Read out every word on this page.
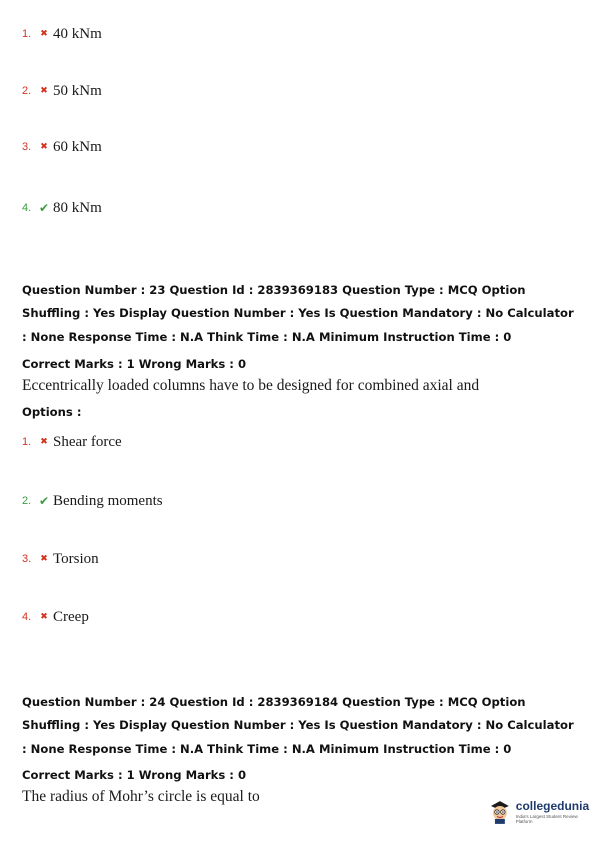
1.	✖ 40 kNm
2.	✖ 50 kNm
3.	✖ 60 kNm
4. ✔ 80 kNm
Question Number : 23 Question Id : 2839369183 Question Type : MCQ Option Shuffling : Yes Display Question Number : Yes Is Question Mandatory : No Calculator : None Response Time : N.A Think Time : N.A Minimum Instruction Time : 0
Correct Marks : 1 Wrong Marks : 0
Eccentrically loaded columns have to be designed for combined axial and
Options :
1.	✖ Shear force
2. ✔ Bending moments
3.	✖ Torsion
4.	✖ Creep
Question Number : 24 Question Id : 2839369184 Question Type : MCQ Option Shuffling : Yes Display Question Number : Yes Is Question Mandatory : No Calculator : None Response Time : N.A Think Time : N.A Minimum Instruction Time : 0
Correct Marks : 1 Wrong Marks : 0
The radius of Mohr’s circle is equal to
collegedunia
India's Largest Student Review Platform
